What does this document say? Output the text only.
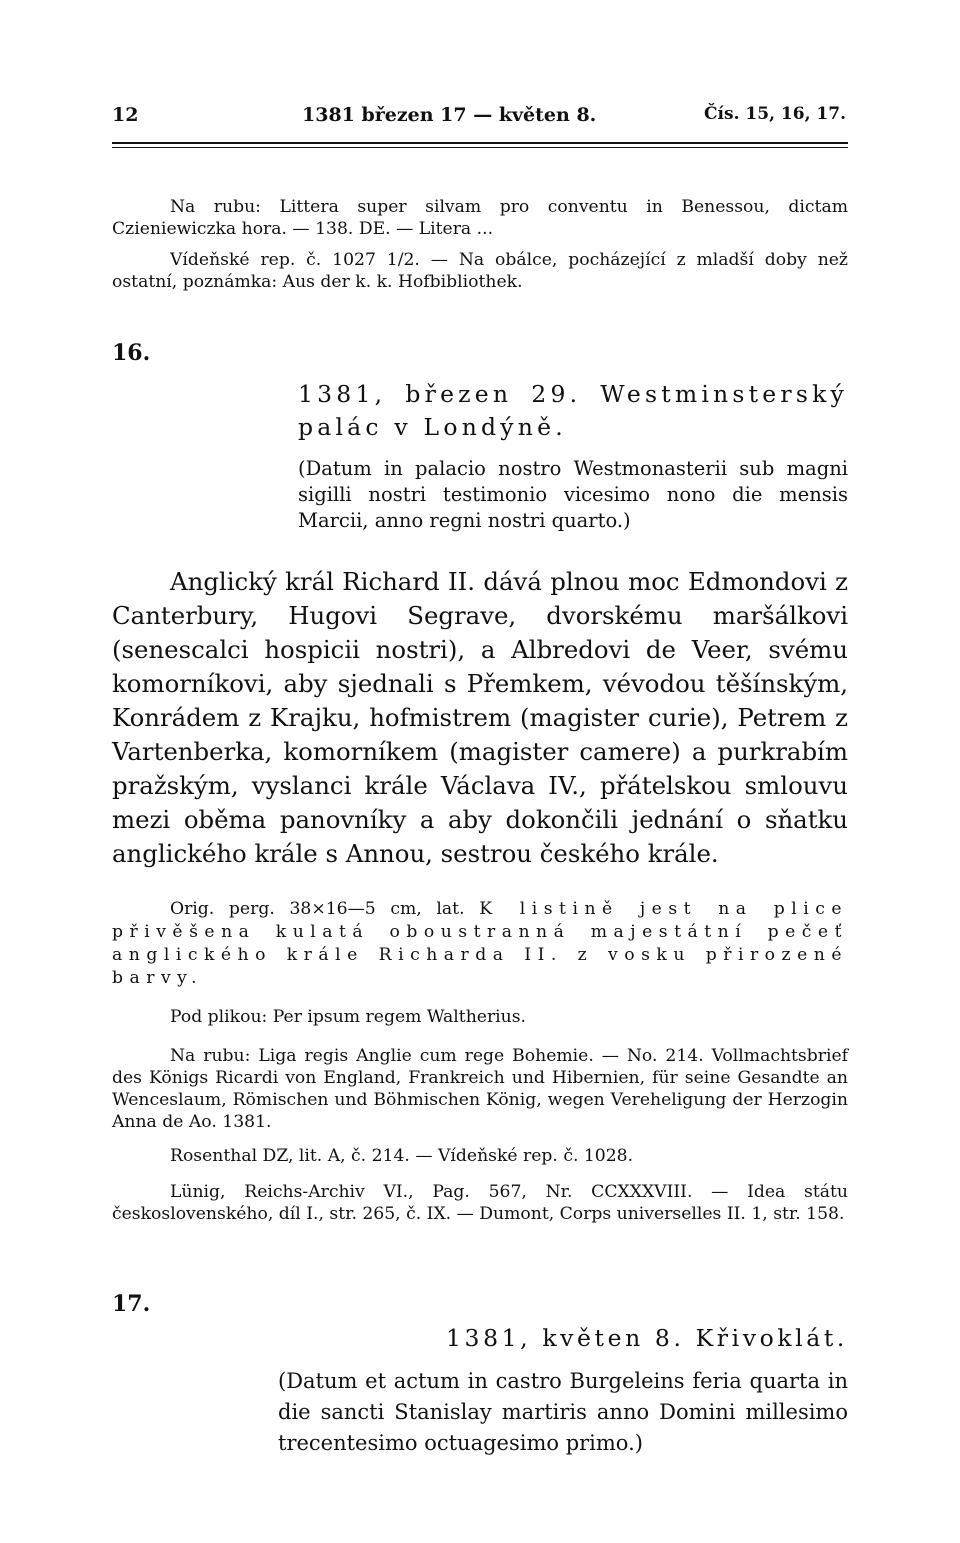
12	1381 březen 17 — květen 8.	Čís. 15, 16, 17.

Na rubu: Littera super silvam pro conventu in Benessou, dictam Czieniewiczka hora. — 138. DE. — Litera ...

Vídeňské rep. č. 1027 1/2. — Na obálce, pocházející z mladší doby než ostatní, poznámka: Aus der k. k. Hofbibliothek.

16.

1381, březen 29. Westminsterský

palác v Londýně.

(Datum in palacio nostro Westmonasterii sub magni sigilli nostri testimonio vicesimo nono die mensis Marcii, anno regni nostri quarto.)

Anglický král Richard II. dává plnou moc Edmondovi z Canterbury, Hugovi Segrave, dvorskému maršálkovi (senescalci hospicii nostri), a Albredovi de Veer, svému komorníkovi, aby sjednali s Přemkem, vévodou těšínským, Konrádem z Krajku, hofmistrem (magister curie), Petrem z Vartenberka, komorníkem (magister camere) a purkrabím pražským, vyslanci krále Václava IV., přátelskou smlouvu mezi oběma panovníky a aby dokončili jednání o sňatku anglického krále s Annou, sestrou českého krále.

Orig. perg. 38×16—5 cm, lat. K listině jest na plice přivěšena kulatá oboustranná majestátní pečeť anglického krále Richarda II. z vosku přirozené barvy.

Pod plikou: Per ipsum regem Waltherius.

Na rubu: Liga regis Anglie cum rege Bohemie. — No. 214. Vollmachtsbrief des Königs Ricardi von England, Frankreich und Hibernien, für seine Gesandte an Wenceslaum, Römischen und Böhmischen König, wegen Vereheligung der Herzogin Anna de Ao. 1381.

Rosenthal DZ, lit. A, č. 214. — Vídeňské rep. č. 1028.

Lünig, Reichs-Archiv VI., Pag. 567, Nr. CCXXXVIII. — Idea státu československého, díl I., str. 265, č. IX. — Dumont, Corps universelles II. 1, str. 158.

17.

1381, květen 8. Křivoklát.

(Datum et actum in castro Burgeleins feria quarta in die sancti Stanislay martiris anno Domini millesimo trecentesimo octuagesimo primo.)
